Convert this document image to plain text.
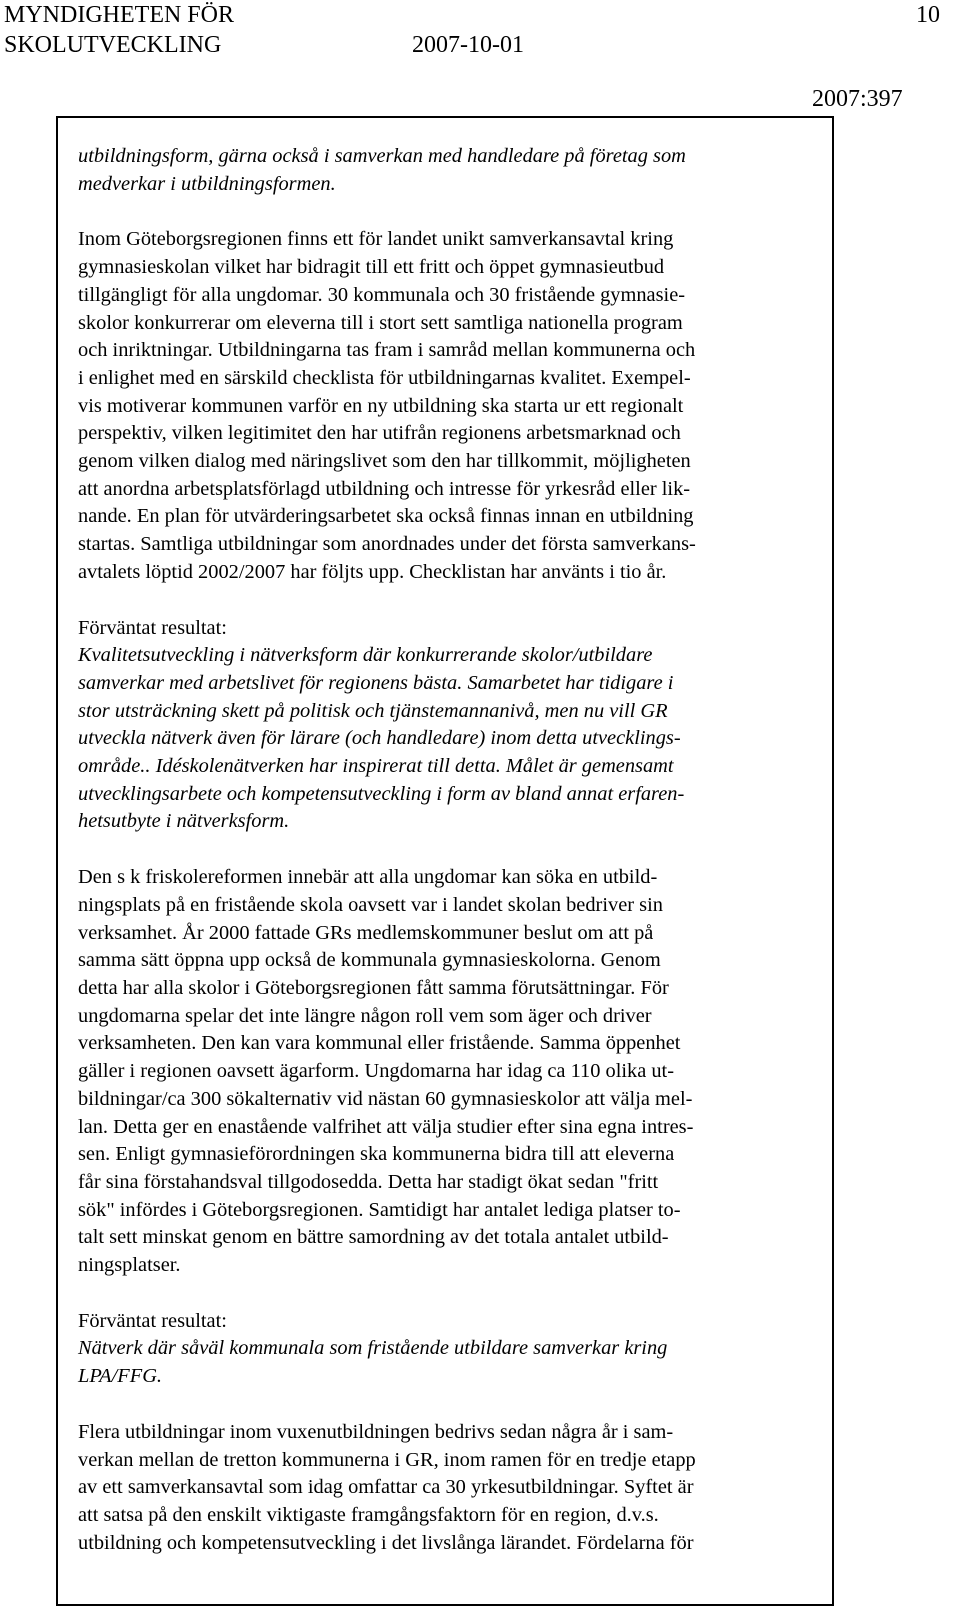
MYNDIGHETEN FÖR
SKOLUTVECKLING	2007-10-01
10
2007:397

utbildningsform, gärna också i samverkan med handledare på företag som

medverkar i utbildningsformen.

Inom Göteborgsregionen finns ett för landet unikt samverkansavtal kring

gymnasieskolan vilket har bidragit till ett fritt och öppet gymnasieutbud

tillgängligt för alla ungdomar. 30 kommunala och 30 fristående gymnasie-

skolor konkurrerar om eleverna till i stort sett samtliga nationella program

och inriktningar. Utbildningarna tas fram i samråd mellan kommunerna och

i enlighet med en särskild checklista för utbildningarnas kvalitet. Exempel-

vis motiverar kommunen varför en ny utbildning ska starta ur ett regionalt

perspektiv, vilken legitimitet den har utifrån regionens arbetsmarknad och

genom vilken dialog med näringslivet som den har tillkommit, möjligheten

att anordna arbetsplatsförlagd utbildning och intresse för yrkesråd eller lik-

nande. En plan för utvärderingsarbetet ska också finnas innan en utbildning

startas. Samtliga utbildningar som anordnades under det första samverkans-

avtalets löptid 2002/2007 har följts upp. Checklistan har använts i tio år.

Förväntat resultat:

Kvalitetsutveckling i nätverksform där konkurrerande skolor/utbildare

samverkar med arbetslivet för regionens bästa. Samarbetet har tidigare i

stor utsträckning skett på politisk och tjänstemannanivå, men nu vill GR

utveckla nätverk även för lärare (och handledare) inom detta utvecklings-

område.. Idéskolenätverken har inspirerat till detta. Målet är gemensamt

utvecklingsarbete och kompetensutveckling i form av bland annat erfaren-

hetsutbyte i nätverksform.

Den s k friskolereformen innebär att alla ungdomar kan söka en utbild-

ningsplats på en fristående skola oavsett var i landet skolan bedriver sin

verksamhet. År 2000 fattade GRs medlemskommuner beslut om att på

samma sätt öppna upp också de kommunala gymnasieskolorna. Genom

detta har alla skolor i Göteborgsregionen fått samma förutsättningar. För

ungdomarna spelar det inte längre någon roll vem som äger och driver

verksamheten. Den kan vara kommunal eller fristående. Samma öppenhet

gäller i regionen oavsett ägarform. Ungdomarna har idag ca 110 olika ut-

bildningar/ca 300 sökalternativ vid nästan 60 gymnasieskolor att välja mel-

lan. Detta ger en enastående valfrihet att välja studier efter sina egna intres-

sen. Enligt gymnasieförordningen ska kommunerna bidra till att eleverna

får sina förstahandsval tillgodosedda. Detta har stadigt ökat sedan "fritt

sök" infördes i Göteborgsregionen. Samtidigt har antalet lediga platser to-

talt sett minskat genom en bättre samordning av det totala antalet utbild-

ningsplatser.

Förväntat resultat:

Nätverk där såväl kommunala som fristående utbildare samverkar kring

LPA/FFG.

Flera utbildningar inom vuxenutbildningen bedrivs sedan några år i sam-

verkan mellan de tretton kommunerna i GR, inom ramen för en tredje etapp

av ett samverkansavtal som idag omfattar ca 30 yrkesutbildningar. Syftet är

att satsa på den enskilt viktigaste framgångsfaktorn för en region, d.v.s.

utbildning och kompetensutveckling i det livslånga lärandet. Fördelarna för
